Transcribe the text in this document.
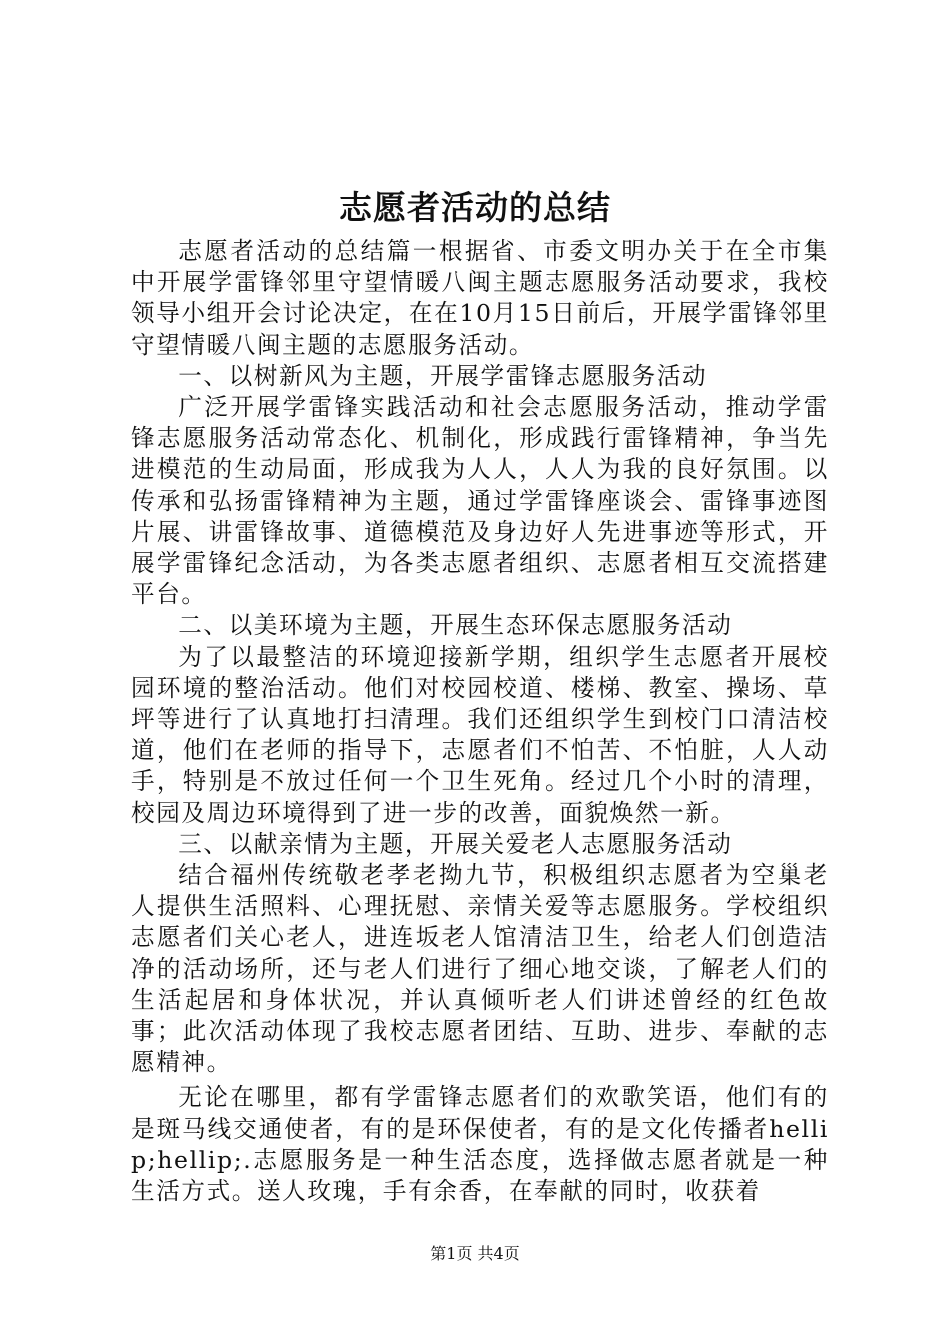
志愿者活动的总结

志愿者活动的总结篇一根据省、市委文明办关于在全市集中开展学雷锋邻里守望情暖八闽主题志愿服务活动要求，我校领导小组开会讨论决定，在在10月15日前后，开展学雷锋邻里守望情暖八闽主题的志愿服务活动。

一、以树新风为主题，开展学雷锋志愿服务活动

广泛开展学雷锋实践活动和社会志愿服务活动，推动学雷锋志愿服务活动常态化、机制化，形成践行雷锋精神，争当先进模范的生动局面，形成我为人人，人人为我的良好氛围。以传承和弘扬雷锋精神为主题，通过学雷锋座谈会、雷锋事迹图片展、讲雷锋故事、道德模范及身边好人先进事迹等形式，开展学雷锋纪念活动，为各类志愿者组织、志愿者相互交流搭建平台。

二、以美环境为主题，开展生态环保志愿服务活动

为了以最整洁的环境迎接新学期，组织学生志愿者开展校园环境的整治活动。他们对校园校道、楼梯、教室、操场、草坪等进行了认真地打扫清理。我们还组织学生到校门口清洁校道，他们在老师的指导下，志愿者们不怕苦、不怕脏，人人动手，特别是不放过任何一个卫生死角。经过几个小时的清理，校园及周边环境得到了进一步的改善，面貌焕然一新。

三、以献亲情为主题，开展关爱老人志愿服务活动

结合福州传统敬老孝老拗九节，积极组织志愿者为空巢老人提供生活照料、心理抚慰、亲情关爱等志愿服务。学校组织志愿者们关心老人，进连坂老人馆清洁卫生，给老人们创造洁净的活动场所，还与老人们进行了细心地交谈，了解老人们的生活起居和身体状况，并认真倾听老人们讲述曾经的红色故事；此次活动体现了我校志愿者团结、互助、进步、奉献的志愿精神。

无论在哪里，都有学雷锋志愿者们的欢歌笑语，他们有的是斑马线交通使者，有的是环保使者，有的是文化传播者hellip;hellip;.志愿服务是一种生活态度，选择做志愿者就是一种生活方式。送人玫瑰，手有余香，在奉献的同时，收获着

第1页 共4页
